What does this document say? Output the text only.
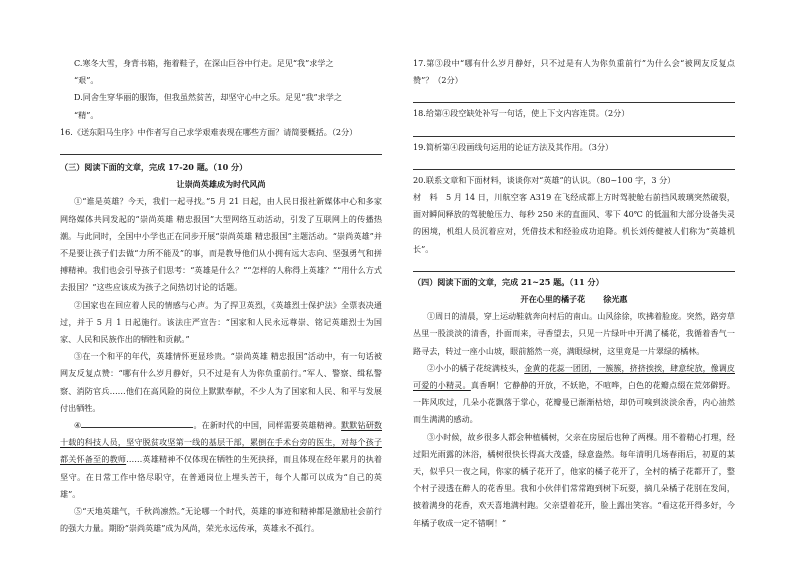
C.寒冬大雪，身背书箱，拖着鞋子，在深山巨谷中行走。足见“我”求学之

“艰”。

D.同舍生穿华丽的服饰，但我虽然贫苦，却坚守心中之乐。足见“我”求学之

“精”。

16.《送东阳马生序》中作者写自己求学艰难表现在哪些方面？请简要概括。（2分）

（三）阅读下面的文章，完成 17-20 题。（10 分）

让崇尚英雄成为时代风尚

①“谁是英雄？今天，我们一起寻找。”5 月 21 日起，由人民日报社新媒体中心和多家网络媒体共同发起的“崇尚英雄 精忠报国”大型网络互动活动，引发了互联网上的传播热潮。与此同时，全国中小学也正在同步开展“崇尚英雄 精忠报国”主题活动。“崇尚英雄”并不是要让孩子们去做“力所不能及”的事，而是教导他们从小拥有远大志向、坚强勇气和拼搏精神。我们也会引导孩子们思考：“英雄是什么？”“怎样的人称得上英雄？”“用什么方式去报国？”这些应该成为孩子之间热切讨论的话题。

②国家也在回应着人民的情感与心声。为了捍卫英烈，《英雄烈士保护法》全票表决通过，并于 5 月 1 日起施行。该法庄严宣告：“国家和人民永远尊崇、铭记英雄烈士为国家、人民和民族作出的牺牲和贡献。”

③在一个和平的年代，英雄情怀更显珍贵。“崇尚英雄 精忠报国”活动中，有一句话被网友反复点赞：“哪有什么岁月静好，只不过是有人为你负重前行。”军人、警察、缉私警察、消防官兵……他们在高风险的岗位上默默奉献，不少人为了国家和人民、和平与发展付出牺牲。

④	。在新时代的中国，同样需要英雄精神。默默钻研数十载的科技人员，坚守脱贫攻坚第一线的基层干部，累倒在手术台旁的医生，对每个孩子都关怀备至的教师……英雄精神不仅体现在牺牲的生死抉择，而且体现在经年累月的执着坚守。在日常工作中恪尽职守，在普通岗位上埋头苦干，每个人都可以成为“自己的英雄”。

⑤“天地英雄气，千秋尚凛然。”无论哪一个时代，英雄的事迹和精神都是激励社会前行的强大力量。期盼“崇尚英雄”成为风尚，荣光永远传承，英雄永不孤行。

17.第③段中“哪有什么岁月静好，只不过是有人为你负重前行”为什么会“被网友反复点赞”？（2分）

18.给第④段空缺处补写一句话，使上下文内容连贯。（2分）

19.简析第④段画线句运用的论证方法及其作用。（3分）

20.联系文章和下面材料，谈谈你对“英雄”的认识。（80~100 字，3 分）

材　料　5 月 14 日，川航空客 A319 在飞经成都上方时驾驶舱右前挡风玻璃突然破裂，面对瞬间释放的驾驶舱压力、每秒 250 米的直面风、零下 40℃ 的低温和大部分设备失灵的困境，机组人员沉着应对，凭借技术和经验成功迫降。机长刘传健被人们称为“英雄机长”。

（四）阅读下面的文章，完成 21~25 题。（11 分）

开在心里的橘子花 徐光惠

①周日的清晨，穿上运动鞋就奔向村后的南山。山风徐徐，吹拂着脸庞。突然，路旁草丛里一股淡淡的清香，扑面而来，寻香望去，只见一片绿叶中开满了橘花，我循着香气一路寻去，转过一座小山坡，眼前豁然一亮，满眼绿树，这里竟是一片翠绿的橘林。

②小小的橘子花绽满枝头，金黄的花蕊一团团，一簇簇，挤挤挨挨，肆意绽放，像调皮可爱的小精灵。真香啊！它静静的开放，不妖艳，不喧哗，白色的花瓣点缀在荒郊僻野。一阵风吹过，几朵小花飘落于掌心，花瓣曼已渐渐枯焙，却仍可嗅到淡淡余香，内心油然而生满满的感动。

③小时候，故乡很多人都会种植橘树，父亲在房屋后也种了两棵。用不着精心打理，经过阳光雨露的沐浴，橘树很快长得高大茂盛，绿意盎然。每年清明几场春雨后，初夏的某天，似乎只一夜之间，你家的橘子花开了，他家的橘子花开了，全村的橘子花都开了，整个村子浸透在醉人的花香里。我和小伙伴们常常跑到树下玩耍，摘几朵橘子花别在发间，披着满身的花香，欢天喜地满村跑。父亲望着花开，脸上露出笑容。“看这花开得多好，今年橘子收成一定不错啊！”
